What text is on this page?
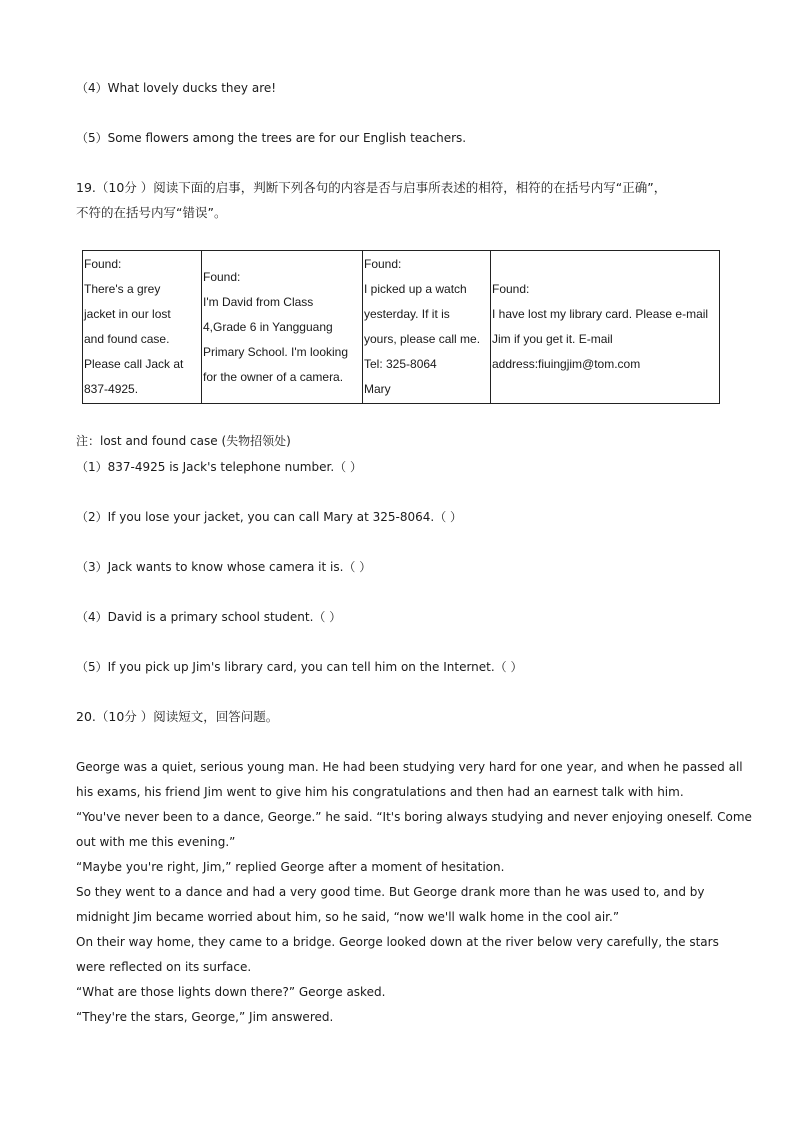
（4）What lovely ducks they are!
（5）Some flowers among the trees are for our English teachers.
19.（10分 ）阅读下面的启事，判断下列各句的内容是否与启事所表述的相符，相符的在括号内写“正确”，
不符的在括号内写“错误”。
Found:
There's a grey
jacket in our lost
and found case.
Please call Jack at
837-4925.

Found:
I'm David from Class
4,Grade 6 in Yangguang
Primary School. I'm looking
for the owner of a camera.

Found:
I picked up a watch
yesterday. If it is
yours, please call me.
Tel: 325-8064
Mary

Found:
I have lost my library card. Please e-mail
Jim if you get it. E-mail
address:fiuingjim@tom.com
注：lost and found case (失物招领处)
（1）837-4925 is Jack's telephone number.（ ）
（2）If you lose your jacket, you can call Mary at 325-8064.（ ）
（3）Jack wants to know whose camera it is.（ ）
（4）David is a primary school student.（ ）
（5）If you pick up Jim's library card, you can tell him on the Internet.（ ）
20.（10分 ）阅读短文，回答问题。
George was a quiet, serious young man. He had been studying very hard for one year, and when he passed all
his exams, his friend Jim went to give him his congratulations and then had an earnest talk with him.
“You've never been to a dance, George.” he said. “It's boring always studying and never enjoying oneself. Come
out with me this evening.”
“Maybe you're right, Jim,” replied George after a moment of hesitation.
So they went to a dance and had a very good time. But George drank more than he was used to, and by
midnight Jim became worried about him, so he said, “now we'll walk home in the cool air.”
On their way home, they came to a bridge. George looked down at the river below very carefully, the stars
were reflected on its surface.
“What are those lights down there?” George asked.
“They're the stars, George,” Jim answered.
